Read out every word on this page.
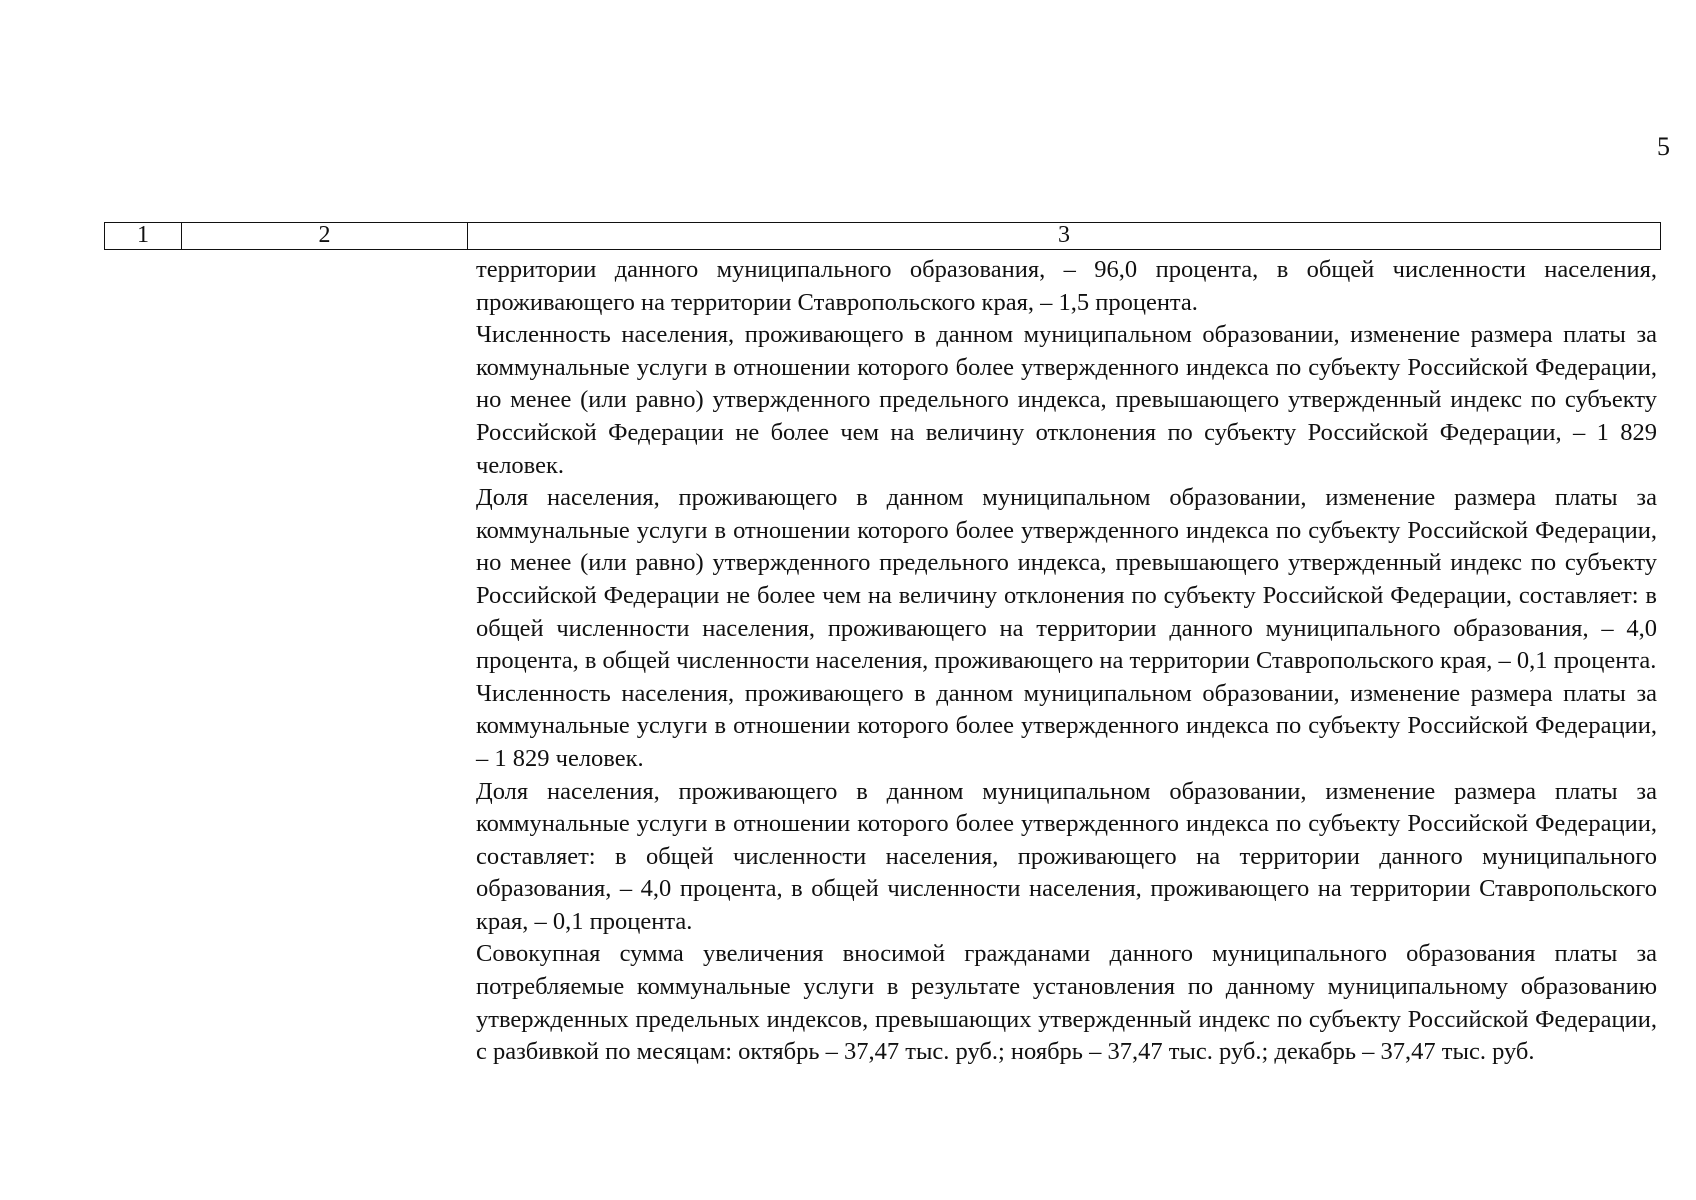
5
1	2	3

территории данного муниципального образования, – 96,0 процента, в общей численности населения, проживающего на территории Ставропольского края, – 1,5 процента.

Численность населения, проживающего в данном муниципальном образовании, изменение размера платы за коммунальные услуги в отношении которого более утвержденного индекса по субъекту Российской Федерации, но менее (или равно) утвержденного предельного индекса, превышающего утвержденный индекс по субъекту Российской Федерации не более чем на величину отклонения по субъекту Российской Федерации, – 1 829 человек.

Доля населения, проживающего в данном муниципальном образовании, изменение размера платы за коммунальные услуги в отношении которого более утвержденного индекса по субъекту Российской Федерации, но менее (или равно) утвержденного предельного индекса, превышающего утвержденный индекс по субъекту Российской Федерации не более чем на величину отклонения по субъекту Российской Федерации, составляет: в общей численности населения, проживающего на территории данного муниципального образования, – 4,0 процента, в общей численности населения, проживающего на территории Ставропольского края, – 0,1 процента.

Численность населения, проживающего в данном муниципальном образовании, изменение размера платы за коммунальные услуги в отношении которого более утвержденного индекса по субъекту Российской Федерации, – 1 829 человек.

Доля населения, проживающего в данном муниципальном образовании, изменение размера платы за коммунальные услуги в отношении которого более утвержденного индекса по субъекту Российской Федерации, составляет: в общей численности населения, проживающего на территории данного муниципального образования, – 4,0 процента, в общей численности населения, проживающего на территории Ставропольского края, – 0,1 процента.

Совокупная сумма увеличения вносимой гражданами данного муниципального образования платы за потребляемые коммунальные услуги в результате установления по данному муниципальному образованию утвержденных предельных индексов, превышающих утвержденный индекс по субъекту Российской Федерации, с разбивкой по месяцам: октябрь – 37,47 тыс. руб.; ноябрь – 37,47 тыс. руб.; декабрь – 37,47 тыс. руб.
